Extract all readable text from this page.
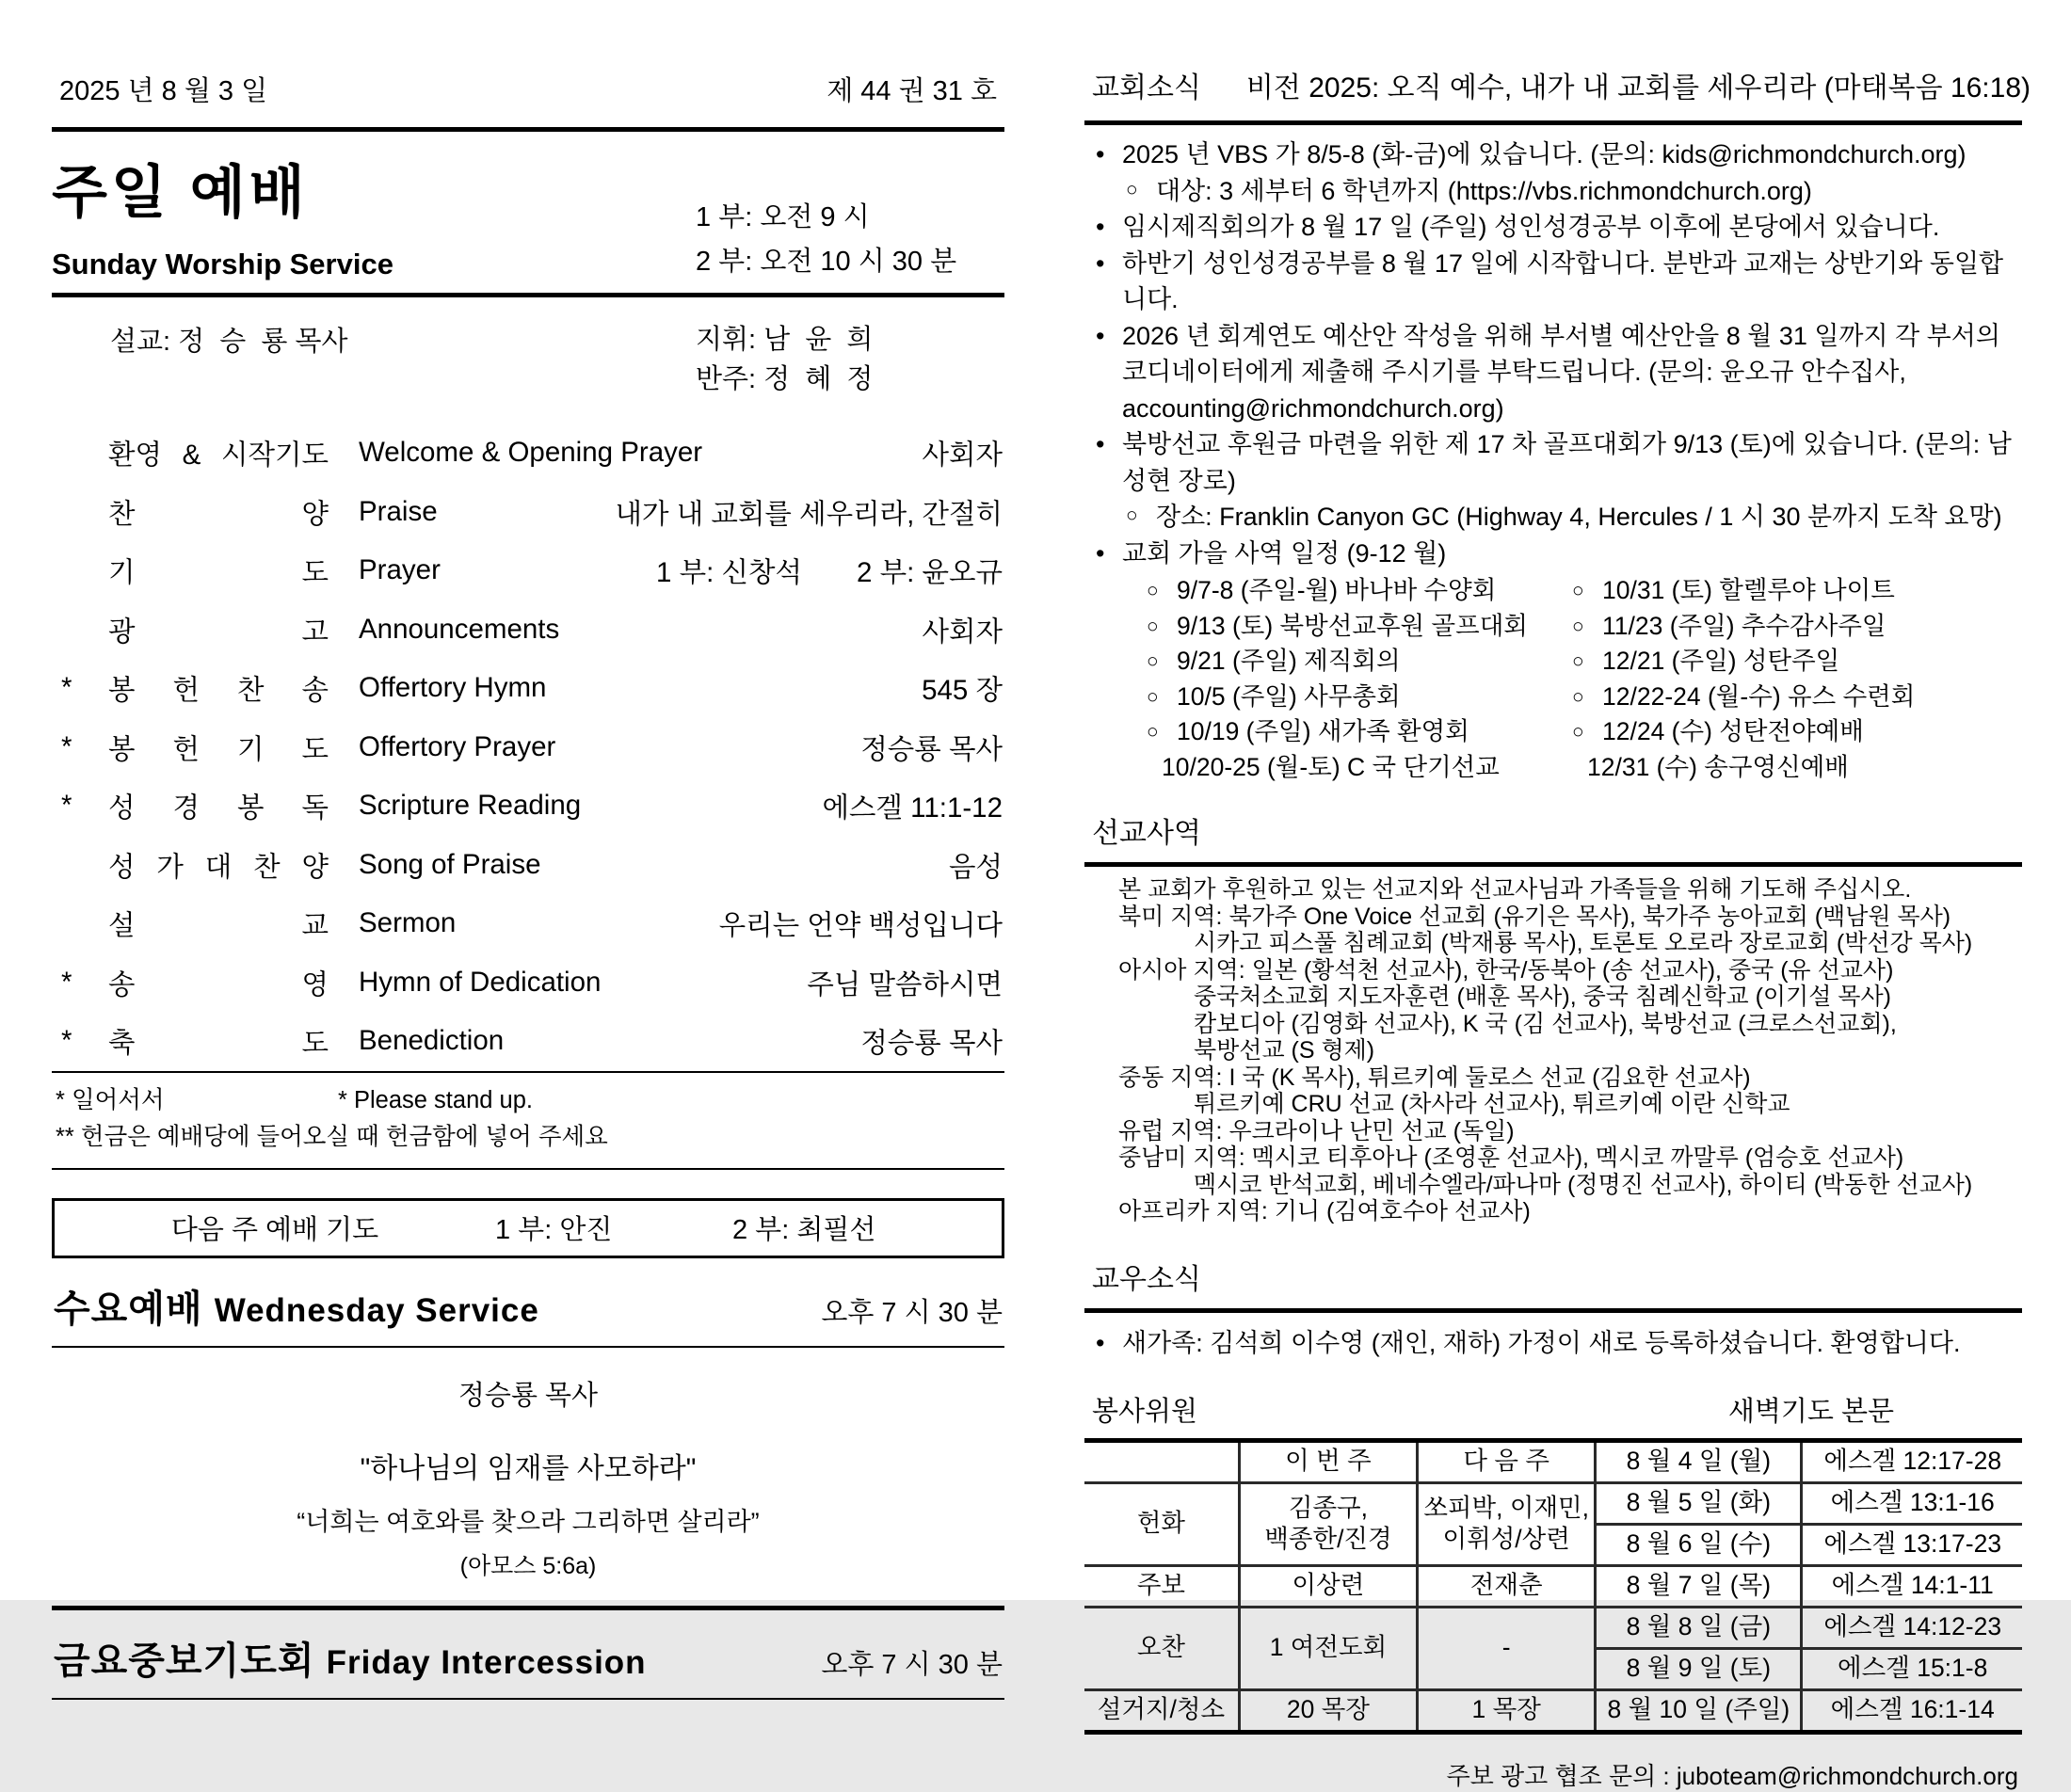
2025 년 8 월 3 일	제 44 권 31 호
주일 예배
Sunday Worship Service
1 부: 오전 9 시
2 부: 오전 10 시 30 분
설교: 정  승  룡 목사	지휘: 남  윤  희
반주: 정  혜  정
환영 & 시작기도 Welcome & Opening Prayer	사회자
찬 양 Praise	내가 내 교회를 세우리라, 간절히
기 도 Prayer	1 부: 신창석 2 부: 윤오규
광 고 Announcements	사회자
*	봉 헌 찬 송 Offertory Hymn	545 장
*	봉 헌 기 도 Offertory Prayer	정승룡 목사
*	성 경 봉 독 Scripture Reading	에스겔 11:1-12
성 가 대 찬 양 Song of Praise	음성
설 교 Sermon	우리는 언약 백성입니다
*	송 영 Hymn of Dedication	주님 말씀하시면
*	축 도 Benediction	정승룡 목사
* 일어서서	* Please stand up.
** 헌금은 예배당에 들어오실 때 헌금함에 넣어 주세요
다음 주 예배 기도	1 부: 안진	2 부: 최필선
수요예배 Wednesday Service	오후 7 시 30 분
정승룡 목사
"하나님의 임재를 사모하라"
“너희는 여호와를 찾으라 그리하면 살리라”
(아모스 5:6a)
금요중보기도회 Friday Intercession	오후 7 시 30 분
교회소식 비전 2025: 오직 예수, 내가 내 교회를 세우리라 (마태복음 16:18)
• 2025 년 VBS 가 8/5-8 (화-금)에 있습니다. (문의: kids@richmondchurch.org)
○ 대상: 3 세부터 6 학년까지 (https://vbs.richmondchurch.org)
• 임시제직회의가 8 월 17 일 (주일) 성인성경공부 이후에 본당에서 있습니다.
• 하반기 성인성경공부를 8 월 17 일에 시작합니다. 분반과 교재는 상반기와 동일합니다.
• 2026 년 회계연도 예산안 작성을 위해 부서별 예산안을 8 월 31 일까지 각 부서의
코디네이터에게 제출해 주시기를 부탁드립니다. (문의: 윤오규 안수집사,
accounting@richmondchurch.org)
• 북방선교 후원금 마련을 위한 제 17 차 골프대회가 9/13 (토)에 있습니다. (문의: 남성현 장로)
○ 장소: Franklin Canyon GC (Highway 4, Hercules / 1 시 30 분까지 도착 요망)
• 교회 가을 사역 일정 (9-12 월)
○ 9/7-8 (주일-월) 바나바 수양회
○ 9/13 (토) 북방선교후원 골프대회
○ 9/21 (주일) 제직회의
○ 10/5 (주일) 사무총회
○ 10/19 (주일) 새가족 환영회
10/20-25 (월-토) C 국 단기선교
○ 10/31 (토) 할렐루야 나이트
○ 11/23 (주일) 추수감사주일
○ 12/21 (주일) 성탄주일
○ 12/22-24 (월-수) 유스 수련회
○ 12/24 (수) 성탄전야예배
12/31 (수) 송구영신예배
선교사역
본 교회가 후원하고 있는 선교지와 선교사님과 가족들을 위해 기도해 주십시오.
북미 지역: 북가주 One Voice 선교회 (유기은 목사), 북가주 농아교회 (백남원 목사)
시카고 피스풀 침례교회 (박재룡 목사), 토론토 오로라 장로교회 (박선강 목사)
아시아 지역: 일본 (황석천 선교사), 한국/동북아 (송 선교사), 중국 (유 선교사)
중국처소교회 지도자훈련 (배훈 목사), 중국 침례신학교 (이기설 목사)
캄보디아 (김영화 선교사), K 국 (김 선교사), 북방선교 (크로스선교회),
북방선교 (S 형제)
중동 지역: I 국 (K 목사), 튀르키예 둘로스 선교 (김요한 선교사)
튀르키예 CRU 선교 (차사라 선교사), 튀르키예 이란 신학교
유럽 지역: 우크라이나 난민 선교 (독일)
중남미 지역: 멕시코 티후아나 (조영훈 선교사), 멕시코 까말루 (엄승호 선교사)
멕시코 반석교회, 베네수엘라/파나마 (정명진 선교사), 하이티 (박동한 선교사)
아프리카 지역: 기니 (김여호수아 선교사)
교우소식
• 새가족: 김석희 이수영 (재인, 재하) 가정이 새로 등록하셨습니다. 환영합니다.
봉사위원	새벽기도 본문
	이 번 주	다 음 주	8 월 4 일 (월)	에스겔 12:17-28
헌화	김종구,
백종한/진경	쏘피박, 이재민,
이휘성/상련	8 월 5 일 (화)	에스겔 13:1-16
			8 월 6 일 (수)	에스겔 13:17-23
주보	이상련	전재춘	8 월 7 일 (목)	에스겔 14:1-11
오찬	1 여전도회	-	8 월 8 일 (금)	에스겔 14:12-23
			8 월 9 일 (토)	에스겔 15:1-8
설거지/청소	20 목장	1 목장	8 월 10 일 (주일)	에스겔 16:1-14
주보 광고 협조 문의 : juboteam@richmondchurch.org
